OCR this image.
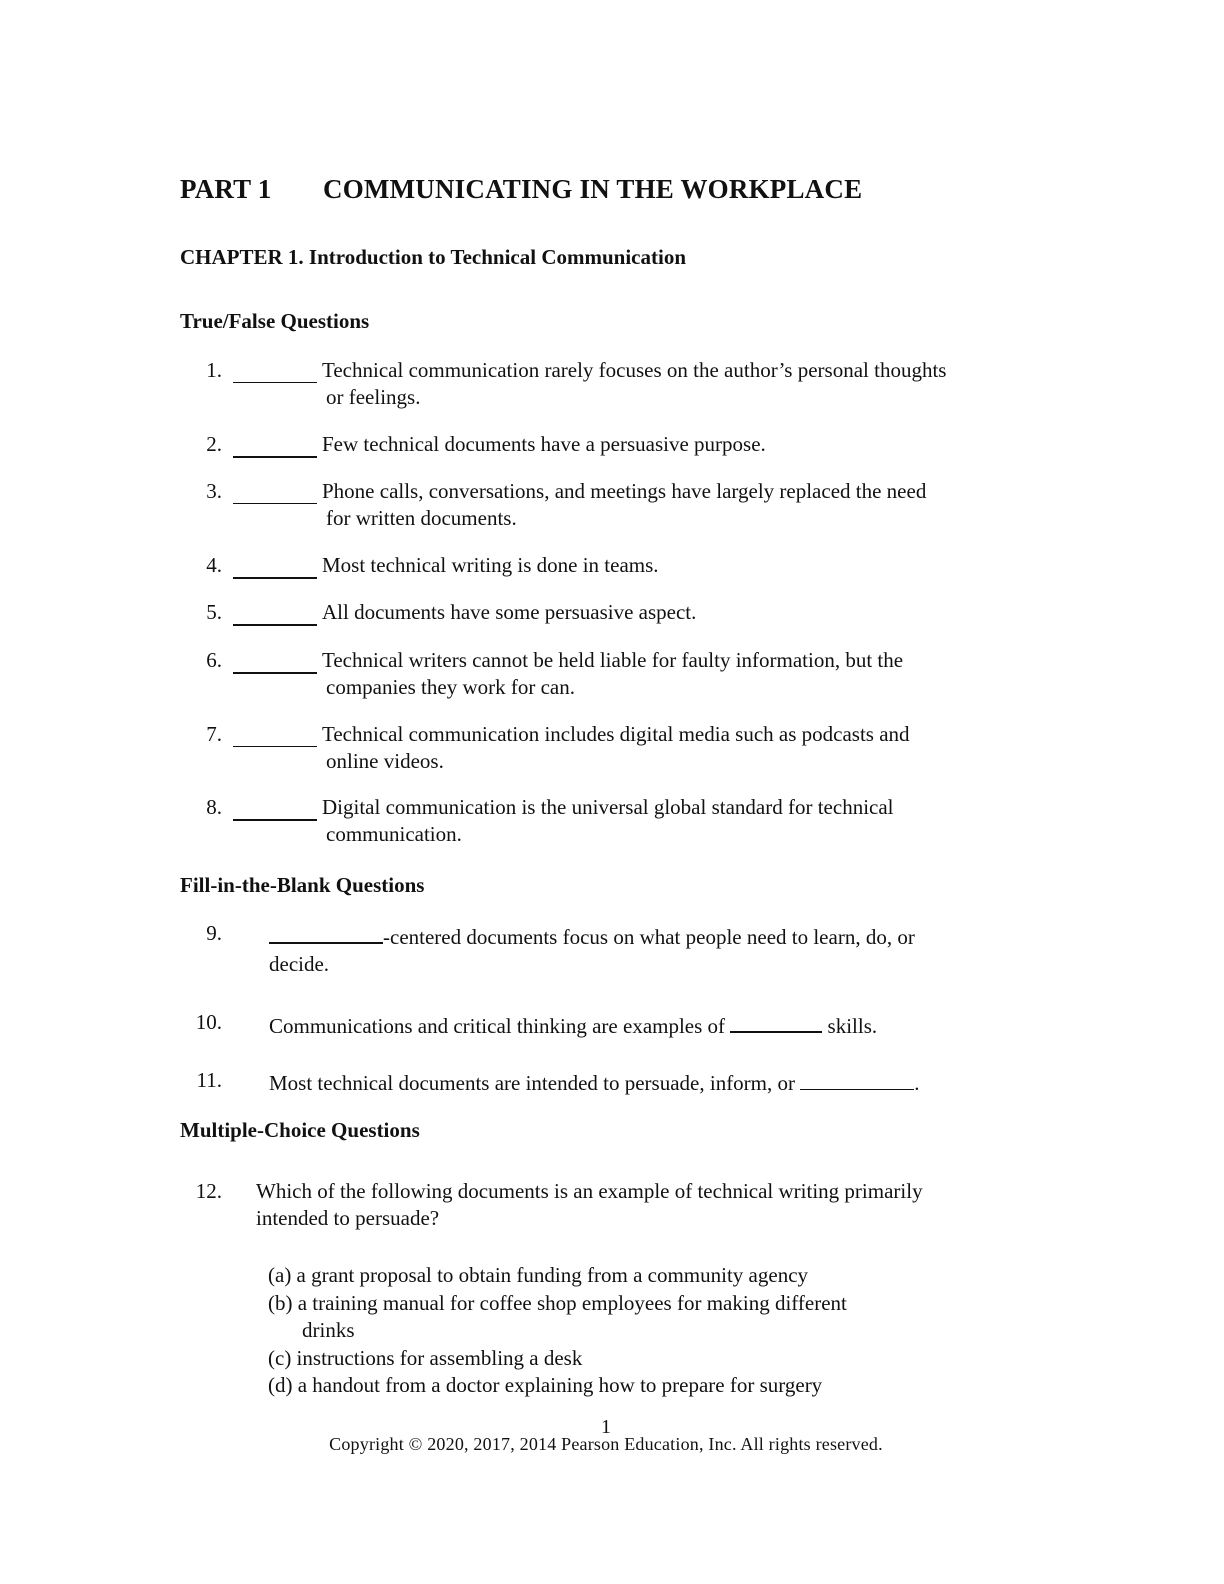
PART 1 COMMUNICATING IN THE WORKPLACE
CHAPTER 1. Introduction to Technical Communication
True/False Questions
1.	Technical communication rarely focuses on the author’s personal thoughts
or feelings.
2.	Few technical documents have a persuasive purpose.
3.	Phone calls, conversations, and meetings have largely replaced the need
for written documents.
4.	Most technical writing is done in teams.
5.	All documents have some persuasive aspect.
6.	Technical writers cannot be held liable for faulty information, but the
companies they work for can.
7.	Technical communication includes digital media such as podcasts and
online videos.
8.	Digital communication is the universal global standard for technical
communication.
Fill-in-the-Blank Questions
9.	-centered documents focus on what people need to learn, do, or
decide.
10. Communications and critical thinking are examples of	skills.
11. Most technical documents are intended to persuade, inform, or	.
Multiple-Choice Questions
12. Which of the following documents is an example of technical writing primarily
intended to persuade?
(a) a grant proposal to obtain funding from a community agency
(b) a training manual for coffee shop employees for making different
drinks
(c) instructions for assembling a desk
(d) a handout from a doctor explaining how to prepare for surgery
1
Copyright © 2020, 2017, 2014 Pearson Education, Inc. All rights reserved.
